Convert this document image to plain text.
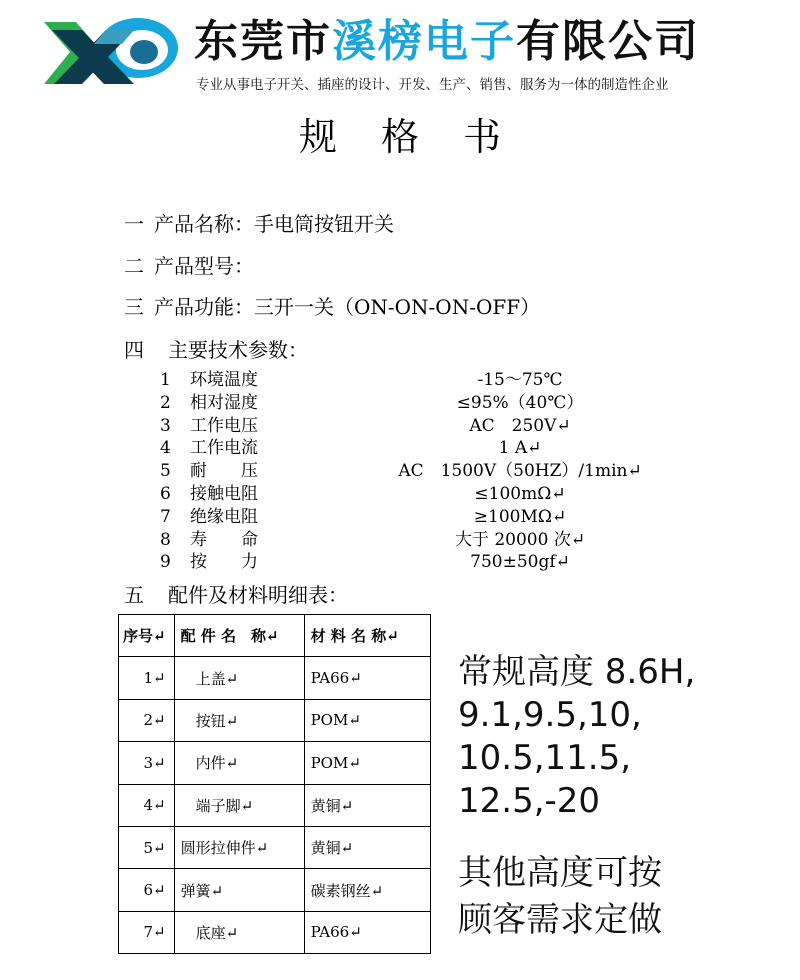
东莞市溪榜电子有限公司
专业从事电子开关、插座的设计、开发、生产、销售、服务为一体的制造性企业
规 格 书
一 产品名称：手电筒按钮开关
二 产品型号：
三 产品功能：三开一关（ON-ON-ON-OFF）
四 主要技术参数：
1 环境温度	-15～75℃
2 相对湿度	≤95%（40℃）
3 工作电压	AC　250V↵
4 工作电流	1 A↵
5 耐　　压	AC　1500V（50HZ）/1min↵
6 接触电阻	≤100mΩ↵
7 绝缘电阻	≥100MΩ↵
8 寿　　命	大于 20000 次↵
9 按　　力	750±50gf↵
五 配件及材料明细表：
序号↵	配 件 名　称↵	材 料 名 称↵
1↵	　上盖↵	PA66↵
2↵	　按钮↵	POM↵
3↵	　内件↵	POM↵
4↵	　端子脚↵	黄铜↵
5↵	圆形拉伸件↵	黄铜↵
6↵	弹簧↵	碳素钢丝↵
7↵	　底座↵	PA66↵
常规高度 8.6H,
9.1,9.5,10,
10.5,11.5,
12.5,-20
其他高度可按
顾客需求定做
